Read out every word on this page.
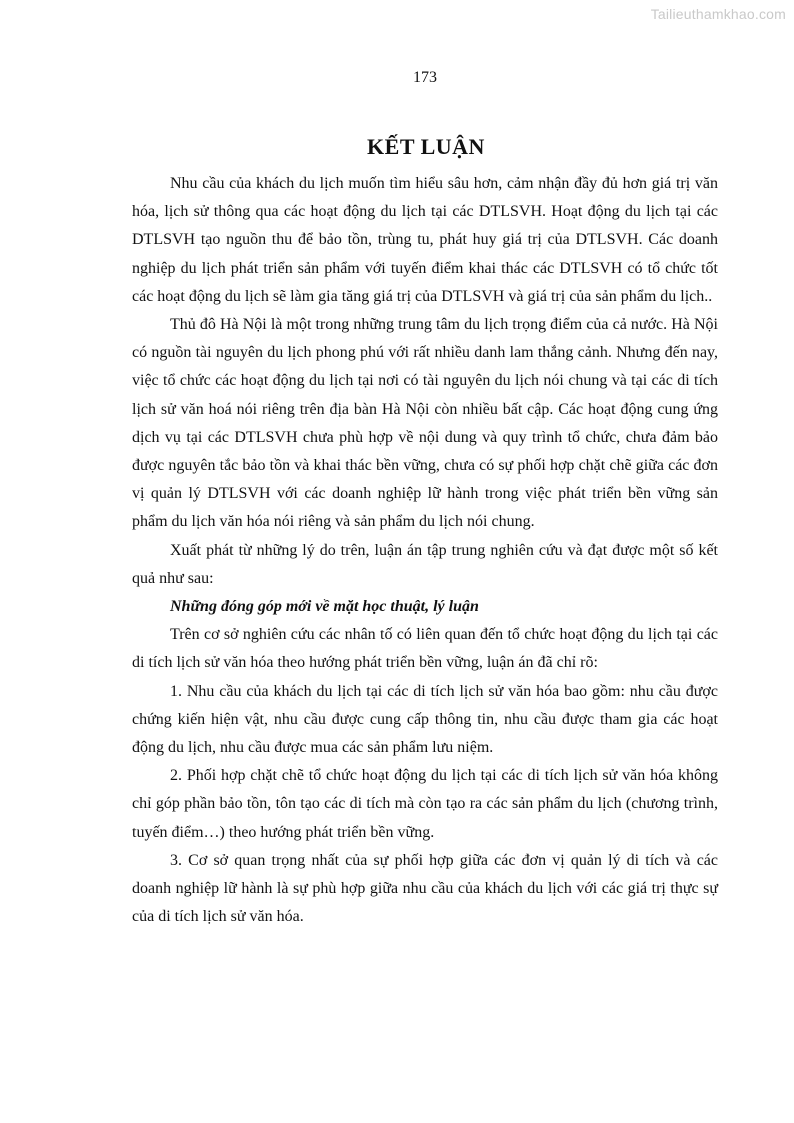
Tailieuthamkhao.com
173
KẾT LUẬN

Nhu cầu của khách du lịch muốn tìm hiểu sâu hơn, cảm nhận đầy đủ hơn giá trị văn hóa, lịch sử thông qua các hoạt động du lịch tại các DTLSVH. Hoạt động du lịch tại các DTLSVH tạo nguồn thu để bảo tồn, trùng tu, phát huy giá trị của DTLSVH. Các doanh nghiệp du lịch phát triển sản phẩm với tuyến điểm khai thác các DTLSVH có tổ chức tốt các hoạt động du lịch sẽ làm gia tăng giá trị của DTLSVH và giá trị của sản phẩm du lịch..

Thủ đô Hà Nội là một trong những trung tâm du lịch trọng điểm của cả nước. Hà Nội có nguồn tài nguyên du lịch phong phú với rất nhiều danh lam thắng cảnh. Nhưng đến nay, việc tổ chức các hoạt động du lịch tại nơi có tài nguyên du lịch nói chung và tại các di tích lịch sử văn hoá nói riêng trên địa bàn Hà Nội còn nhiều bất cập. Các hoạt động cung ứng dịch vụ tại các DTLSVH chưa phù hợp về nội dung và quy trình tổ chức, chưa đảm bảo được nguyên tắc bảo tồn và khai thác bền vững, chưa có sự phối hợp chặt chẽ giữa các đơn vị quản lý DTLSVH với các doanh nghiệp lữ hành trong việc phát triển bền vững sản phẩm du lịch văn hóa nói riêng và sản phẩm du lịch nói chung.

Xuất phát từ những lý do trên, luận án tập trung nghiên cứu và đạt được một số kết quả như sau:

Những đóng góp mới về mặt học thuật, lý luận

Trên cơ sở nghiên cứu các nhân tố có liên quan đến tổ chức hoạt động du lịch tại các di tích lịch sử văn hóa theo hướng phát triển bền vững, luận án đã chỉ rõ:

1. Nhu cầu của khách du lịch tại các di tích lịch sử văn hóa bao gồm: nhu cầu được chứng kiến hiện vật, nhu cầu được cung cấp thông tin, nhu cầu được tham gia các hoạt động du lịch, nhu cầu được mua các sản phẩm lưu niệm.

2. Phối hợp chặt chẽ tổ chức hoạt động du lịch tại các di tích lịch sử văn hóa không chỉ góp phần bảo tồn, tôn tạo các di tích mà còn tạo ra các sản phẩm du lịch (chương trình, tuyến điểm…) theo hướng phát triển bền vững.

3. Cơ sở quan trọng nhất của sự phối hợp giữa các đơn vị quản lý di tích và các doanh nghiệp lữ hành là sự phù hợp giữa nhu cầu của khách du lịch với các giá trị thực sự của di tích lịch sử văn hóa.
